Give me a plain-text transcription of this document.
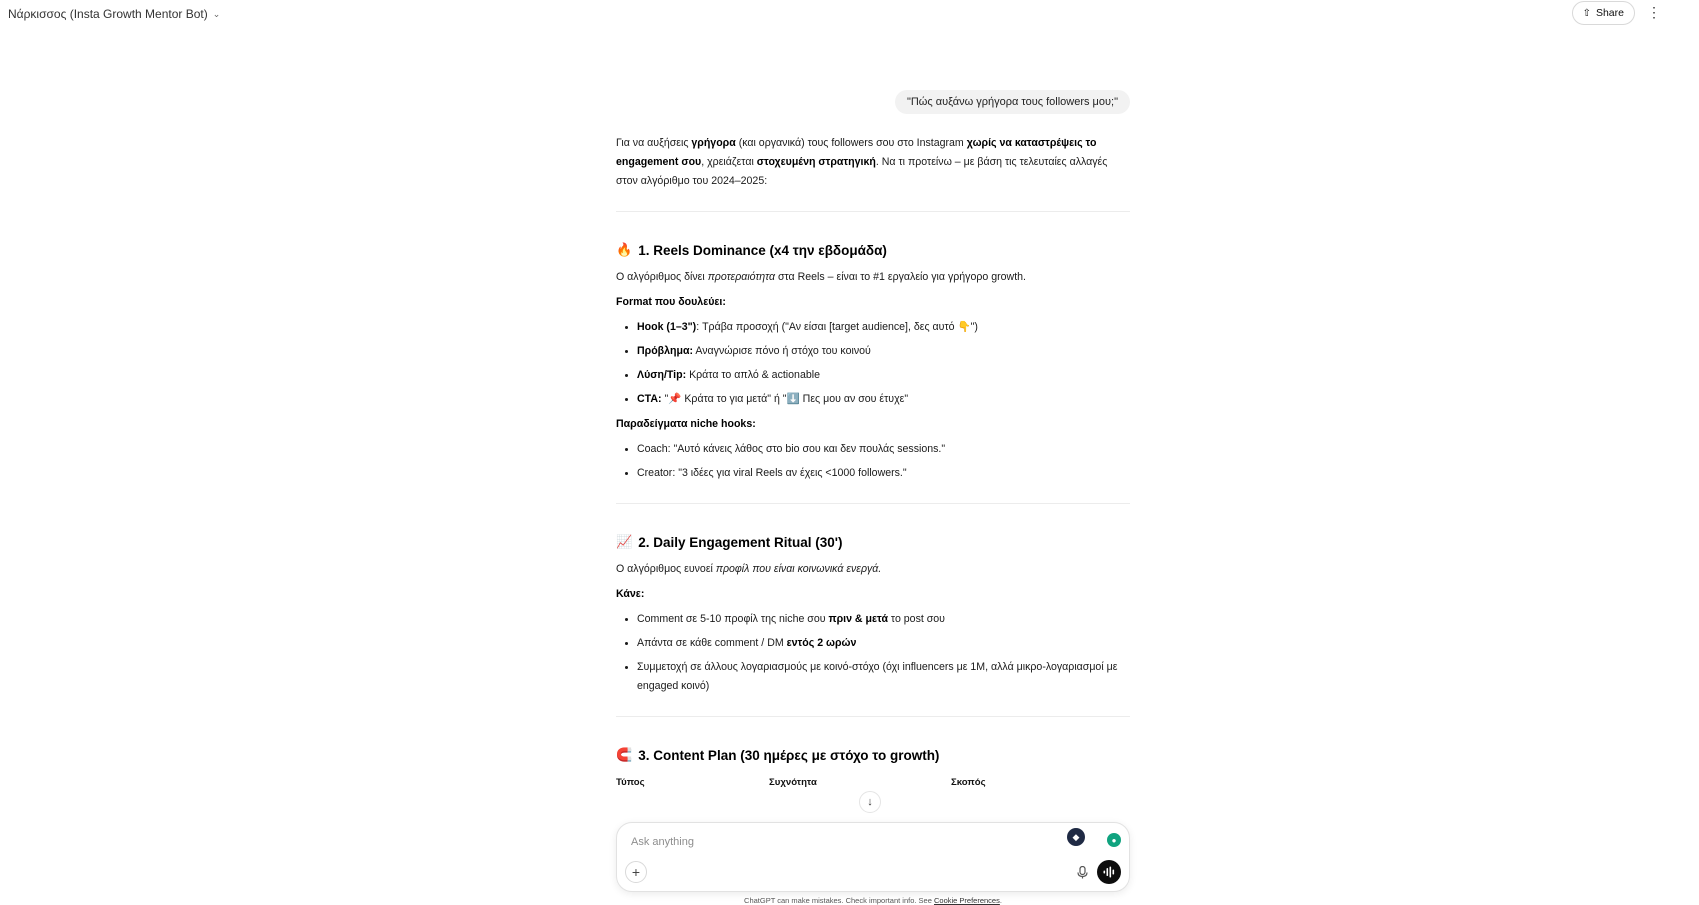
Νάρκισσος (Insta Growth Mentor Bot) ⌄	⇧ Share ⋮
"Πώς αυξάνω γρήγορα τους followers μου;"

Για να αυξήσεις γρήγορα (και οργανικά) τους followers σου στο Instagram χωρίς να καταστρέψεις το engagement σου, χρειάζεται στοχευμένη στρατηγική. Να τι προτείνω – με βάση τις τελευταίες αλλαγές στον αλγόριθμο του 2024–2025:

🔥 1. Reels Dominance (x4 την εβδομάδα)

Ο αλγόριθμος δίνει προτεραιότητα στα Reels – είναι το #1 εργαλείο για γρήγορο growth.

Format που δουλεύει:

• Hook (1–3"): Τράβα προσοχή ("Αν είσαι [target audience], δες αυτό 👇")
• Πρόβλημα: Αναγνώρισε πόνο ή στόχο του κοινού
• Λύση/Tip: Κράτα το απλό & actionable
• CTA: "📌 Κράτα το για μετά" ή "⬇️ Πες μου αν σου έτυχε"

Παραδείγματα niche hooks:

• Coach: "Αυτό κάνεις λάθος στο bio σου και δεν πουλάς sessions."
• Creator: "3 ιδέες για viral Reels αν έχεις <1000 followers."
📈 2. Daily Engagement Ritual (30')

Ο αλγόριθμος ευνοεί προφίλ που είναι κοινωνικά ενεργά.

Κάνε:

• Comment σε 5-10 προφίλ της niche σου πριν & μετά το post σου
• Απάντα σε κάθε comment / DM εντός 2 ωρών
• Συμμετοχή σε άλλους λογαριασμούς με κοινό-στόχο (όχι influencers με 1M, αλλά μικρο-λογαριασμοί με engaged κοινό)
🧲 3. Content Plan (30 ημέρες με στόχο το growth)
Τύπος	Συχνότητα	Σκοπός
↓
Ask anything
◆	●
+
ChatGPT can make mistakes. Check important info. See Cookie Preferences.
